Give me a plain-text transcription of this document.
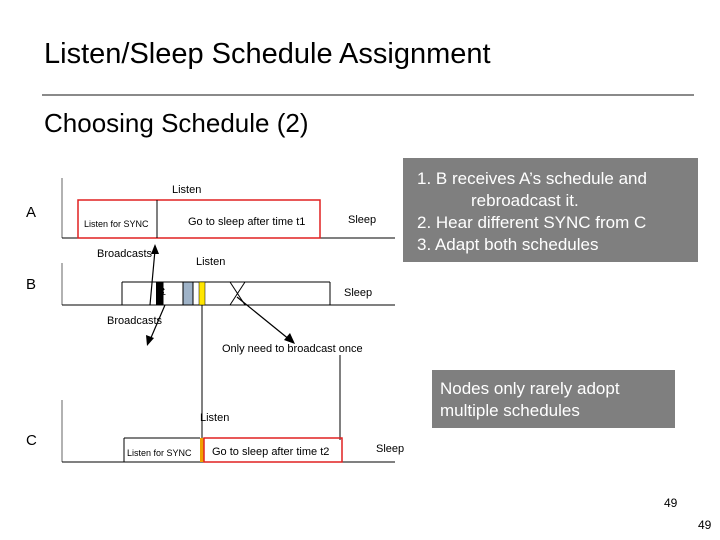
Listen/Sleep Schedule Assignment
Choosing Schedule (2)
A
B
C
Listen
Listen for SYNC	Go to sleep after time t1	Sleep
Broadcasts
Listen
td	Sleep
Broadcasts
Only need to broadcast once
Listen
Listen for SYNC Go to sleep after time t2	Sleep

1. B receives A’s schedule and

rebroadcast it.

2. Hear different SYNC from C

3. Adapt both schedules

Nodes only rarely adopt

multiple schedules

49
49
